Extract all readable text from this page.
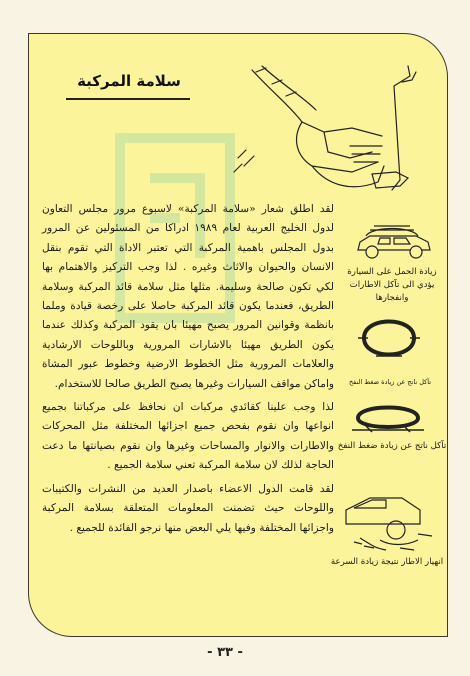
سلامة المركبة
زيادة الحمل على السيارة يؤدي الى تآكل الاطارات وانفجارها
تآكل ناتج عن زيادة ضغط النفخ
تآكل ناتج عن زيادة ضغط النفخ
انهيار الاطار نتيجة زيادة السرعة

لقد اطلق شعار «سلامة المركبة» لاسبوع مرور مجلس التعاون لدول الخليج العربية لعام ١٩٨٩ ادراكا من المسئولين عن المرور بدول المجلس باهمية المركبة التي تعتبر الاداة التي تقوم بنقل الانسان والحيوان والاثاث وغيره . لذا وجب التركيز والاهتمام بها لكي تكون صالحة وسليمة. مثلها مثل سلامة قائد المركبة وسلامة الطريق، فعندما يكون قائد المركبة حاصلا على رخصة قيادة وملما بانظمة وقوانين المرور يصبح مهيئا بان يقود المركبة وكذلك عندما يكون الطريق مهيئا بالاشارات المرورية وباللوحات الارشادية والعلامات المرورية مثل الخطوط الارضية وخطوط عبور المشاة واماكن مواقف السيارات وغيرها يصبح الطريق صالحا للاستخدام.

لذا وجب علينا كقائدي مركبات ان نحافظ على مركباتنا بجميع انواعها وان نقوم بفحص جميع اجزائها المختلفة مثل المحركات والاطارات والانوار والمساحات وغيرها وان نقوم بصيانتها ما دعت الحاجة لذلك لان سلامة المركبة تعني سلامة الجميع .

لقد قامت الدول الاعضاء باصدار العديد من النشرات والكتيبات واللوحات حيث تضمنت المعلومات المتعلقة بسلامة المركبة واجزائها المختلفة وفيها يلي البعض منها نرجو الفائدة للجميع .

- ٣٣ -
